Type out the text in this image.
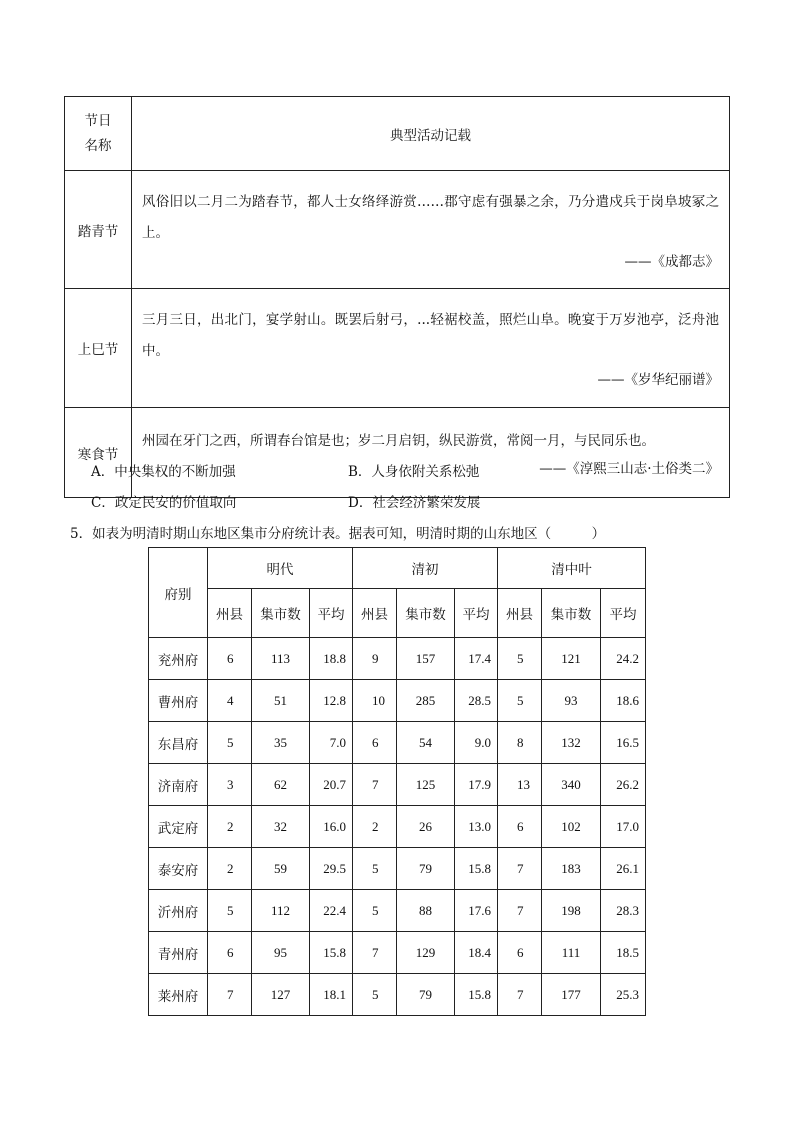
节日
名称	典型活动记载
踏青节	风俗旧以二月二为踏春节，都人士女络绎游赏……郡守虑有强暴之余，乃分遣戍兵于岗阜坡冢之上。
——《成都志》

上巳节	三月三日，出北门，宴学射山。既罢后射弓，...轻裾校盖，照烂山阜。晚宴于万岁池亭，泛舟池中。
——《岁华纪丽谱》

寒食节	州园在牙门之西，所谓春台馆是也；岁二月启钥，纵民游赏，常阅一月，与民同乐也。
——《淳熙三山志·土俗类二》
A．中央集权的不断加强	B．人身依附关系松弛
C．政定民安的价值取向	D．社会经济繁荣发展
5．如表为明清时期山东地区集市分府统计表。据表可知，明清时期的山东地区（　　　）
府别	明代			清初			清中叶		
	州县	集市数	平均	州县	集市数	平均	州县	集市数	平均
兖州府	6	113	18.8	9	157	17.4	5	121	24.2
曹州府	4	51	12.8	10	285	28.5	5	93	18.6
东昌府	5	35	7.0	6	54	9.0	8	132	16.5
济南府	3	62	20.7	7	125	17.9	13	340	26.2
武定府	2	32	16.0	2	26	13.0	6	102	17.0
泰安府	2	59	29.5	5	79	15.8	7	183	26.1
沂州府	5	112	22.4	5	88	17.6	7	198	28.3
青州府	6	95	15.8	7	129	18.4	6	111	18.5
莱州府	7	127	18.1	5	79	15.8	7	177	25.3
